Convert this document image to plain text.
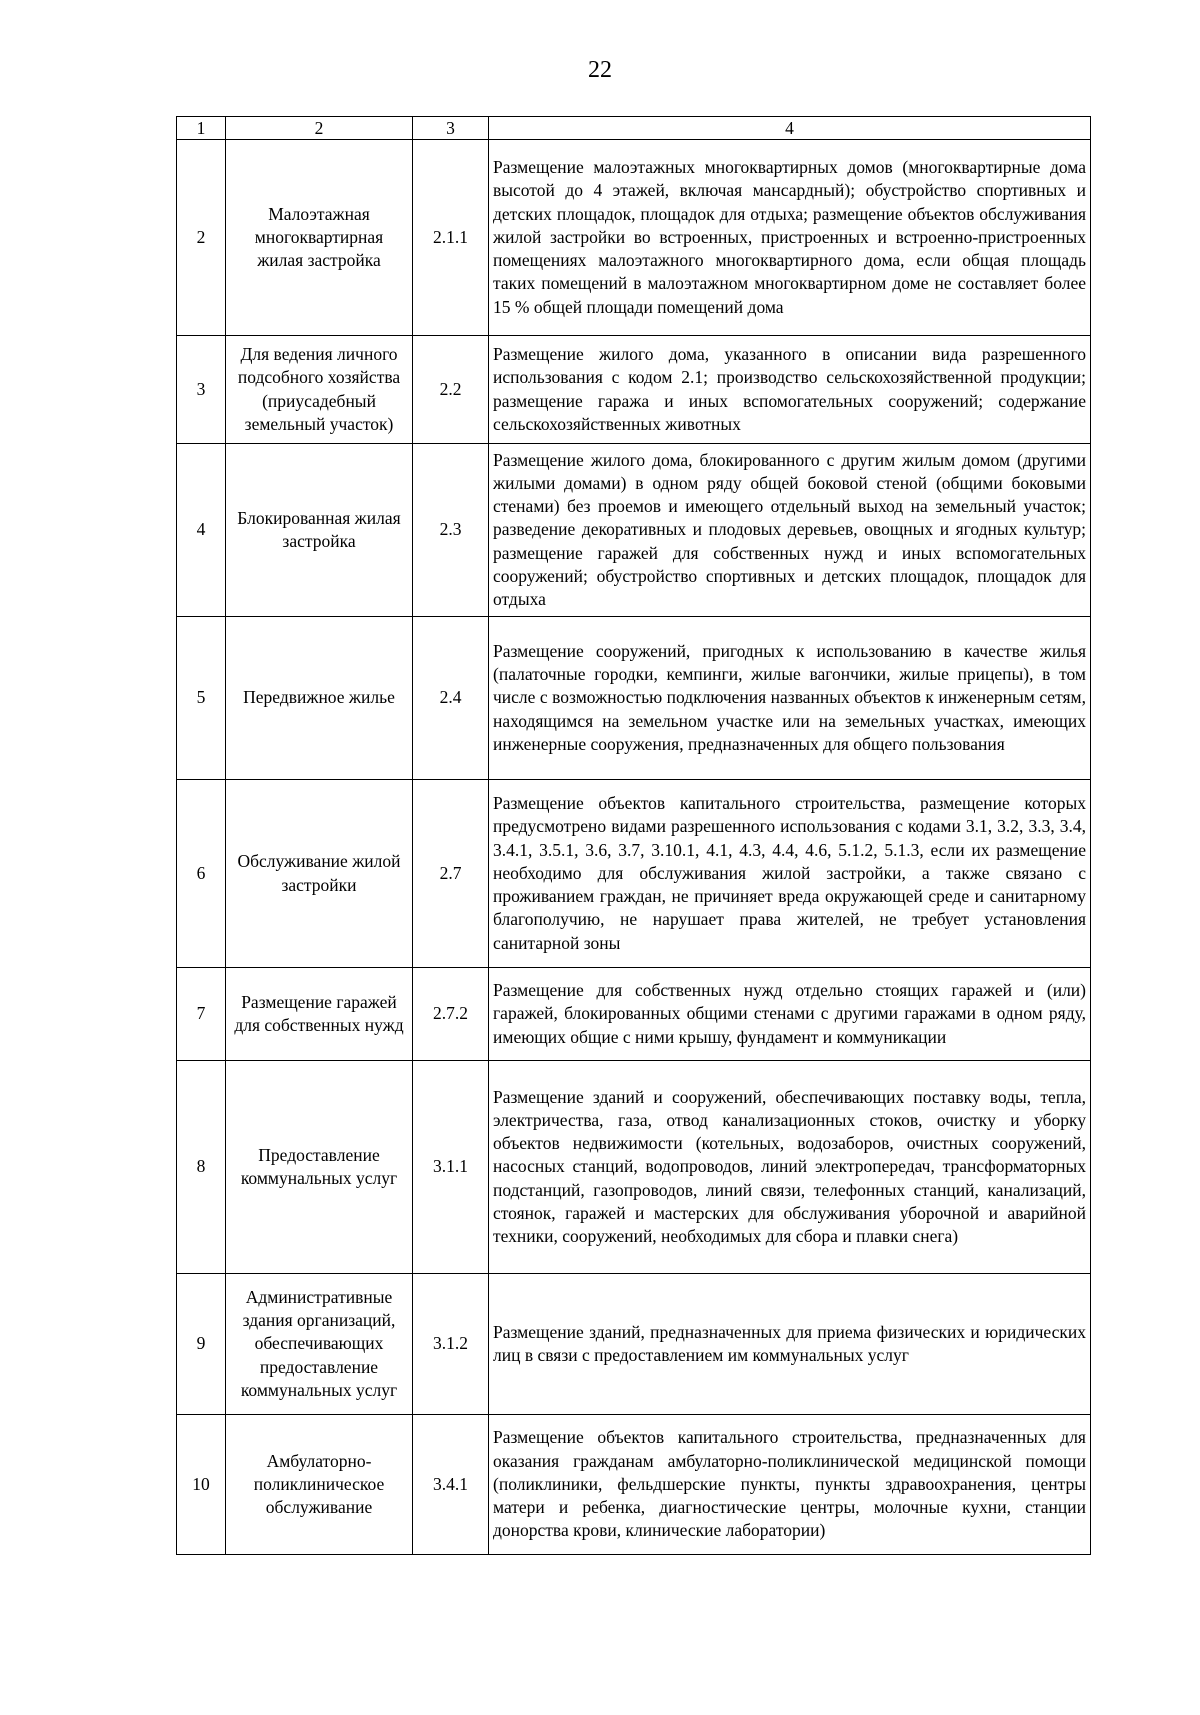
22
1	2	3	4
2	Малоэтажная многоквартирная жилая застройка	2.1.1	Размещение малоэтажных многоквартирных домов (многоквартирные дома высотой до 4 этажей, включая мансардный); обустройство спортивных и детских площадок, площадок для отдыха; размещение объектов обслуживания жилой застройки во встроенных, пристроенных и встроенно-пристроенных помещениях малоэтажного многоквартирного дома, если общая площадь таких помещений в малоэтажном многоквартирном доме не составляет более 15 % общей площади помещений дома
3	Для ведения личного подсобного хозяйства (приусадебный земельный участок)	2.2	Размещение жилого дома, указанного в описании вида разрешенного использования с кодом 2.1; производство сельскохозяйственной продукции; размещение гаража и иных вспомогательных сооружений; содержание сельскохозяйственных животных
4	Блокированная жилая застройка	2.3	Размещение жилого дома, блокированного с другим жилым домом (другими жилыми домами) в одном ряду общей боковой стеной (общими боковыми стенами) без проемов и имеющего отдельный выход на земельный участок; разведение декоративных и плодовых деревьев, овощных и ягодных культур; размещение гаражей для собственных нужд и иных вспомогательных сооружений; обустройство спортивных и детских площадок, площадок для отдыха
5	Передвижное жилье	2.4	Размещение сооружений, пригодных к использованию в качестве жилья (палаточные городки, кемпинги, жилые вагончики, жилые прицепы), в том числе с возможностью подключения названных объектов к инженерным сетям, находящимся на земельном участке или на земельных участках, имеющих инженерные сооружения, предназначенных для общего пользования
6	Обслуживание жилой застройки	2.7	Размещение объектов капитального строительства, размещение которых предусмотрено видами разрешенного использования с кодами 3.1, 3.2, 3.3, 3.4, 3.4.1, 3.5.1, 3.6, 3.7, 3.10.1, 4.1, 4.3, 4.4, 4.6, 5.1.2, 5.1.3, если их размещение необходимо для обслуживания жилой застройки, а также связано с проживанием граждан, не причиняет вреда окружающей среде и санитарному благополучию, не нарушает права жителей, не требует установления санитарной зоны
7	Размещение гаражей для собственных нужд	2.7.2	Размещение для собственных нужд отдельно стоящих гаражей и (или) гаражей, блокированных общими стенами с другими гаражами в одном ряду, имеющих общие с ними крышу, фундамент и коммуникации
8	Предоставление коммунальных услуг	3.1.1	Размещение зданий и сооружений, обеспечивающих поставку воды, тепла, электричества, газа, отвод канализационных стоков, очистку и уборку объектов недвижимости (котельных, водозаборов, очистных сооружений, насосных станций, водопроводов, линий электропередач, трансформаторных подстанций, газопроводов, линий связи, телефонных станций, канализаций, стоянок, гаражей и мастерских для обслуживания уборочной и аварийной техники, сооружений, необходимых для сбора и плавки снега)
9	Административные здания организаций, обеспечивающих предоставление коммунальных услуг	3.1.2	Размещение зданий, предназначенных для приема физических и юридических лиц в связи с предоставлением им коммунальных услуг
10	Амбулаторно-поликлиническое обслуживание	3.4.1	Размещение объектов капитального строительства, предназначенных для оказания гражданам амбулаторно-поликлинической медицинской помощи (поликлиники, фельдшерские пункты, пункты здравоохранения, центры матери и ребенка, диагностические центры, молочные кухни, станции донорства крови, клинические лаборатории)
